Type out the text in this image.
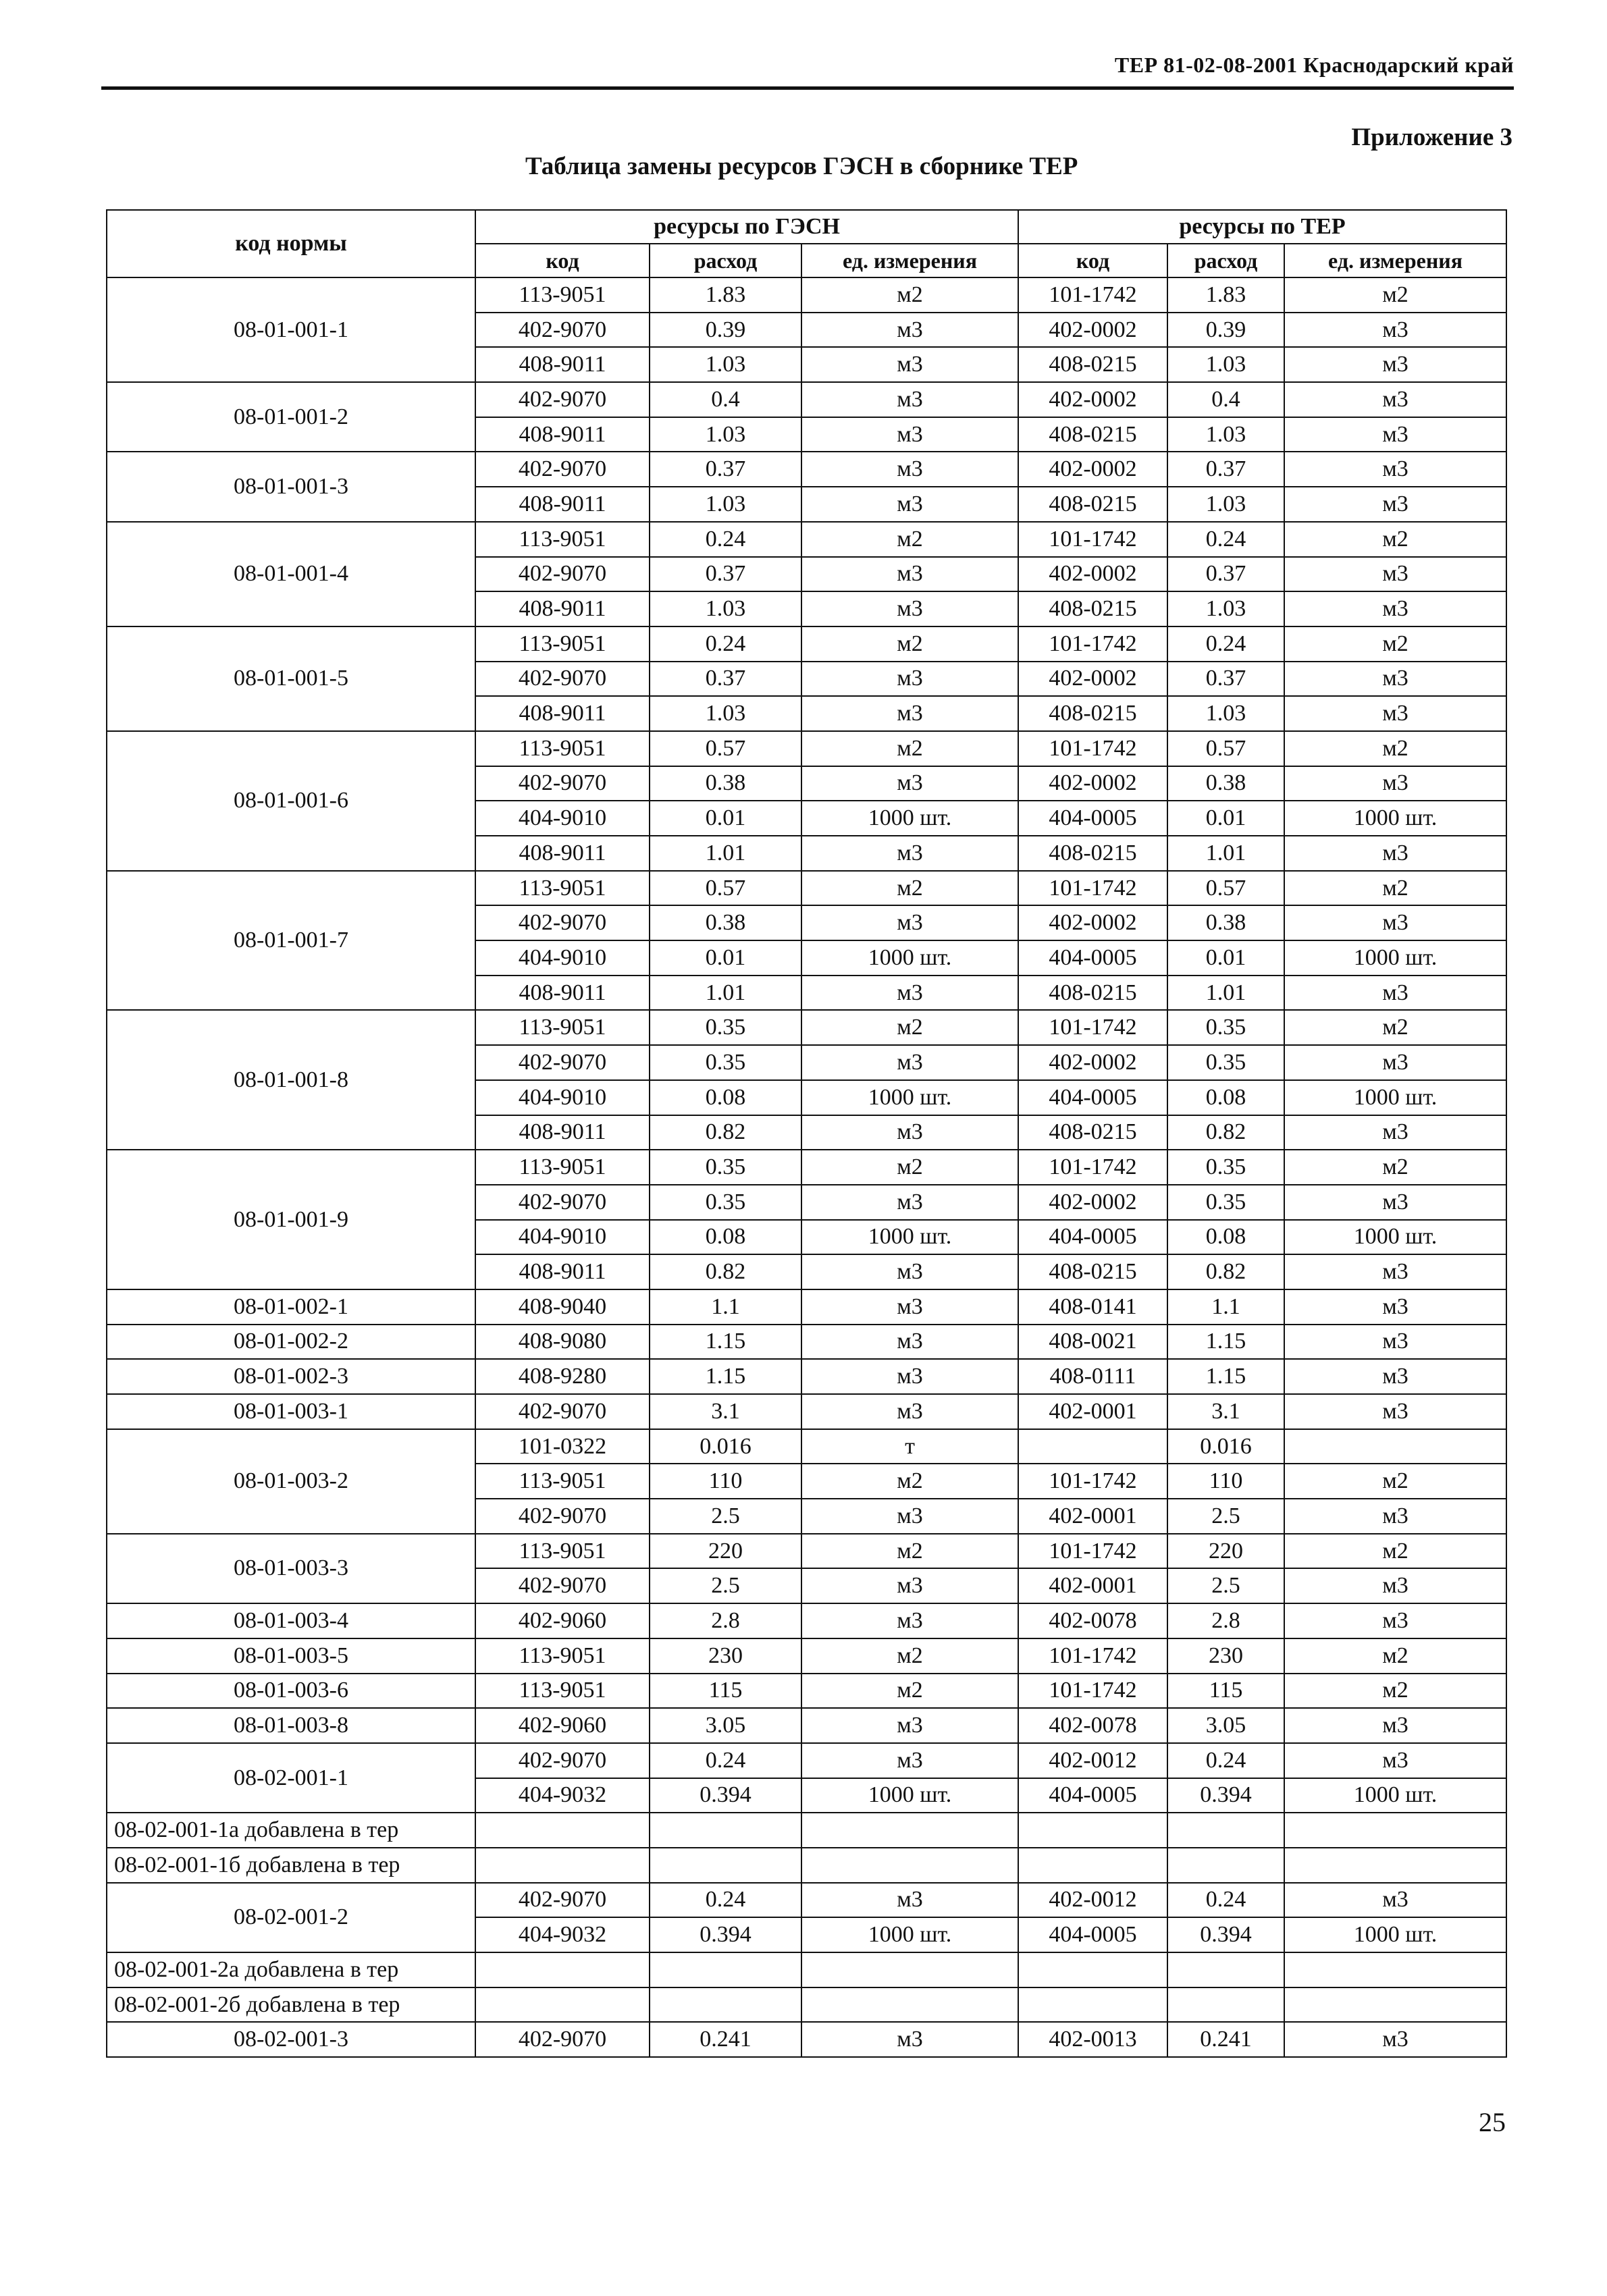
ТЕР 81-02-08-2001 Краснодарский край
Приложение 3
Таблица замены ресурсов ГЭСН в сборнике ТЕР
код нормы	ресурсы по ГЭСН			ресурсы по ТЕР		
	код	расход	ед. измерения	код	расход	ед. измерения
08-01-001-1	113-9051	1.83	м2	101-1742	1.83	м2
	402-9070	0.39	м3	402-0002	0.39	м3
	408-9011	1.03	м3	408-0215	1.03	м3
08-01-001-2	402-9070	0.4	м3	402-0002	0.4	м3
	408-9011	1.03	м3	408-0215	1.03	м3
08-01-001-3	402-9070	0.37	м3	402-0002	0.37	м3
	408-9011	1.03	м3	408-0215	1.03	м3
08-01-001-4	113-9051	0.24	м2	101-1742	0.24	м2
	402-9070	0.37	м3	402-0002	0.37	м3
	408-9011	1.03	м3	408-0215	1.03	м3
08-01-001-5	113-9051	0.24	м2	101-1742	0.24	м2
	402-9070	0.37	м3	402-0002	0.37	м3
	408-9011	1.03	м3	408-0215	1.03	м3
08-01-001-6	113-9051	0.57	м2	101-1742	0.57	м2
	402-9070	0.38	м3	402-0002	0.38	м3
	404-9010	0.01	1000 шт.	404-0005	0.01	1000 шт.
	408-9011	1.01	м3	408-0215	1.01	м3
08-01-001-7	113-9051	0.57	м2	101-1742	0.57	м2
	402-9070	0.38	м3	402-0002	0.38	м3
	404-9010	0.01	1000 шт.	404-0005	0.01	1000 шт.
	408-9011	1.01	м3	408-0215	1.01	м3
08-01-001-8	113-9051	0.35	м2	101-1742	0.35	м2
	402-9070	0.35	м3	402-0002	0.35	м3
	404-9010	0.08	1000 шт.	404-0005	0.08	1000 шт.
	408-9011	0.82	м3	408-0215	0.82	м3
08-01-001-9	113-9051	0.35	м2	101-1742	0.35	м2
	402-9070	0.35	м3	402-0002	0.35	м3
	404-9010	0.08	1000 шт.	404-0005	0.08	1000 шт.
	408-9011	0.82	м3	408-0215	0.82	м3
08-01-002-1	408-9040	1.1	м3	408-0141	1.1	м3
08-01-002-2	408-9080	1.15	м3	408-0021	1.15	м3
08-01-002-3	408-9280	1.15	м3	408-0111	1.15	м3
08-01-003-1	402-9070	3.1	м3	402-0001	3.1	м3
08-01-003-2	101-0322	0.016	т		0.016	
	113-9051	110	м2	101-1742	110	м2
	402-9070	2.5	м3	402-0001	2.5	м3
08-01-003-3	113-9051	220	м2	101-1742	220	м2
	402-9070	2.5	м3	402-0001	2.5	м3
08-01-003-4	402-9060	2.8	м3	402-0078	2.8	м3
08-01-003-5	113-9051	230	м2	101-1742	230	м2
08-01-003-6	113-9051	115	м2	101-1742	115	м2
08-01-003-8	402-9060	3.05	м3	402-0078	3.05	м3
08-02-001-1	402-9070	0.24	м3	402-0012	0.24	м3
	404-9032	0.394	1000 шт.	404-0005	0.394	1000 шт.
08-02-001-1а добавлена в тер						
08-02-001-1б добавлена в тер						
08-02-001-2	402-9070	0.24	м3	402-0012	0.24	м3
	404-9032	0.394	1000 шт.	404-0005	0.394	1000 шт.
08-02-001-2а добавлена в тер						
08-02-001-2б добавлена в тер						
08-02-001-3	402-9070	0.241	м3	402-0013	0.241	м3
25
